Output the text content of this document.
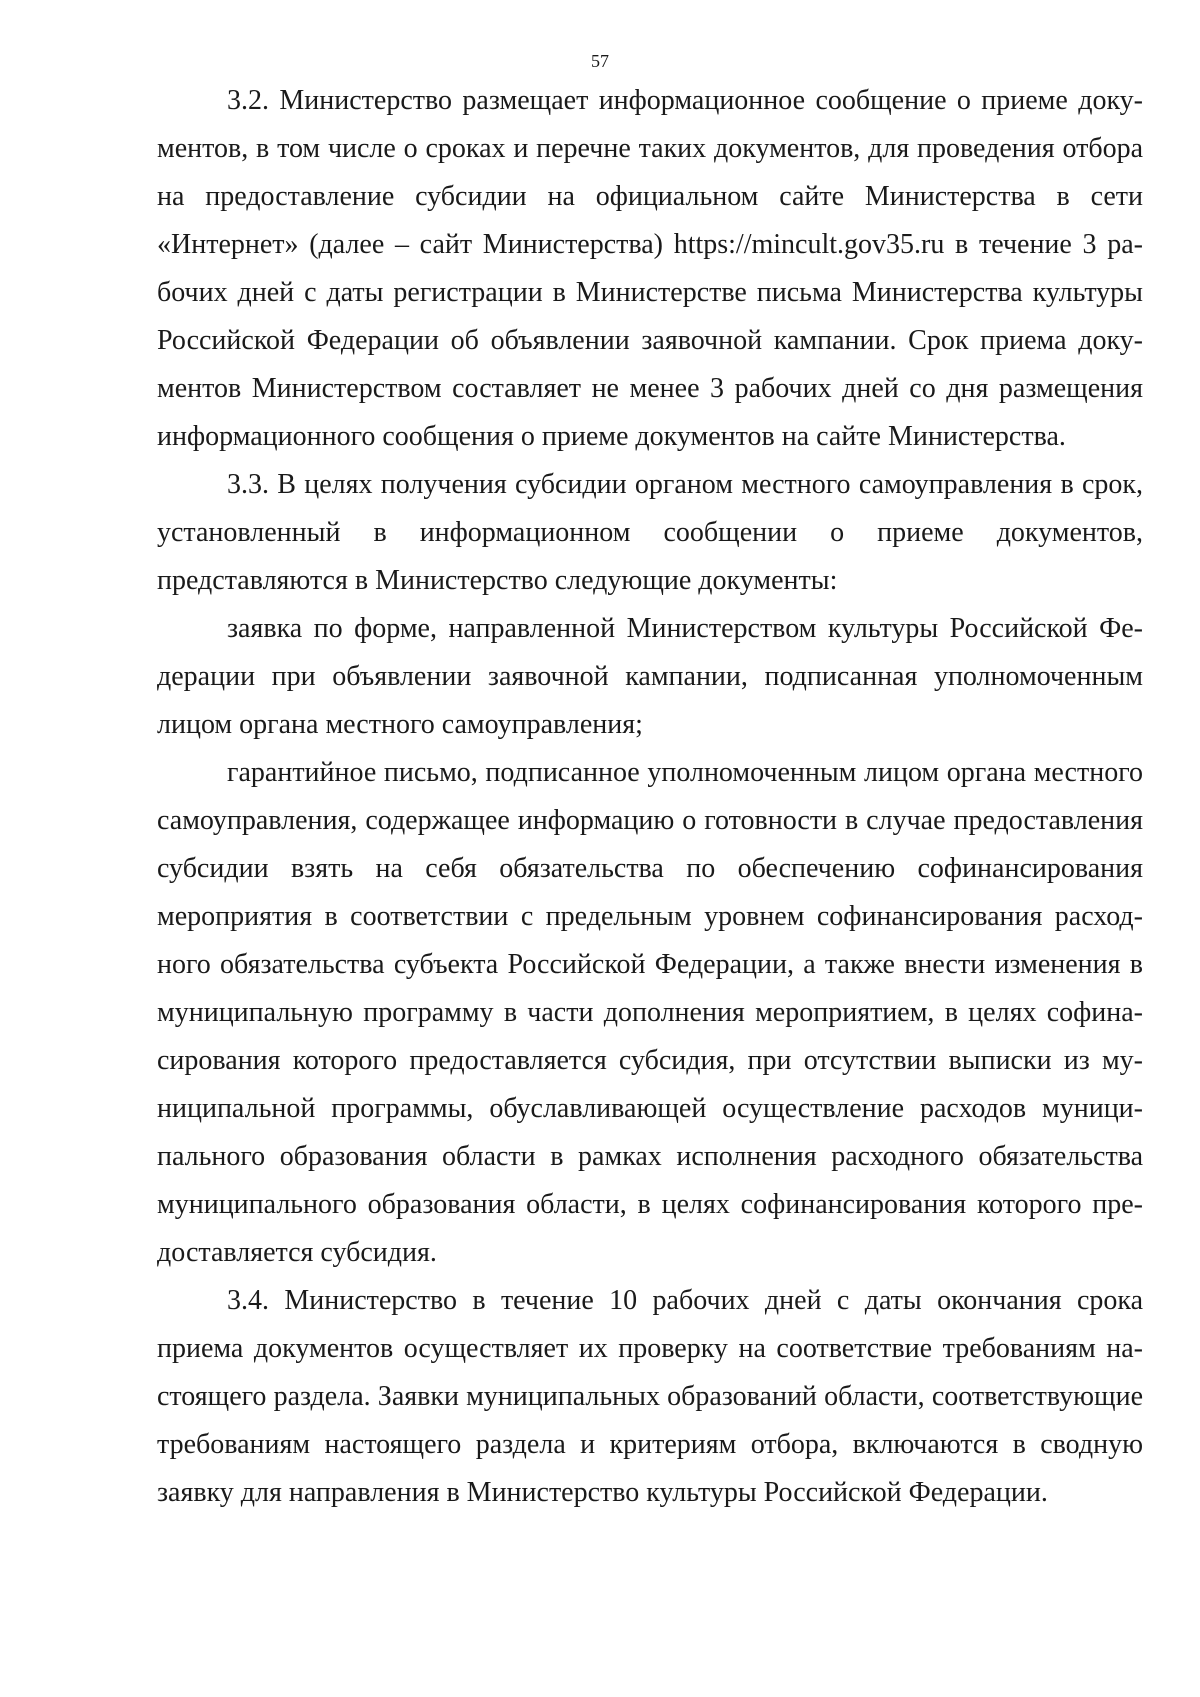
57

3.2. Министерство размещает информационное сообщение о приеме документов, в том числе о сроках и перечне таких документов, для проведения отбора на предоставление субсидии на официальном сайте Министерства в сети «Интернет» (далее – сайт Министерства) https://mincult.gov35.ru в течение 3 рабочих дней с даты регистрации в Министерстве письма Министерства культуры Российской Федерации об объявлении заявочной кампании. Срок приема документов Министерством составляет не менее 3 рабочих дней со дня размещения информационного сообщения о приеме документов на сайте Министерства.

3.3. В целях получения субсидии органом местного самоуправления в срок, установленный в информационном сообщении о приеме документов, представляются в Министерство следующие документы:

заявка по форме, направленной Министерством культуры Российской Федерации при объявлении заявочной кампании, подписанная уполномоченным лицом органа местного самоуправления;

гарантийное письмо, подписанное уполномоченным лицом органа местного самоуправления, содержащее информацию о готовности в случае предоставления субсидии взять на себя обязательства по обеспечению софинансирования мероприятия в соответствии с предельным уровнем софинансирования расходного обязательства субъекта Российской Федерации, а также внести изменения в муниципальную программу в части дополнения мероприятием, в целях софинасирования которого предоставляется субсидия, при отсутствии выписки из муниципальной программы, обуславливающей осуществление расходов муниципального образования области в рамках исполнения расходного обязательства муниципального образования области, в целях софинансирования которого предоставляется субсидия.

3.4. Министерство в течение 10 рабочих дней с даты окончания срока приема документов осуществляет их проверку на соответствие требованиям настоящего раздела. Заявки муниципальных образований области, соответствующие требованиям настоящего раздела и критериям отбора, включаются в сводную заявку для направления в Министерство культуры Российской Федерации.
